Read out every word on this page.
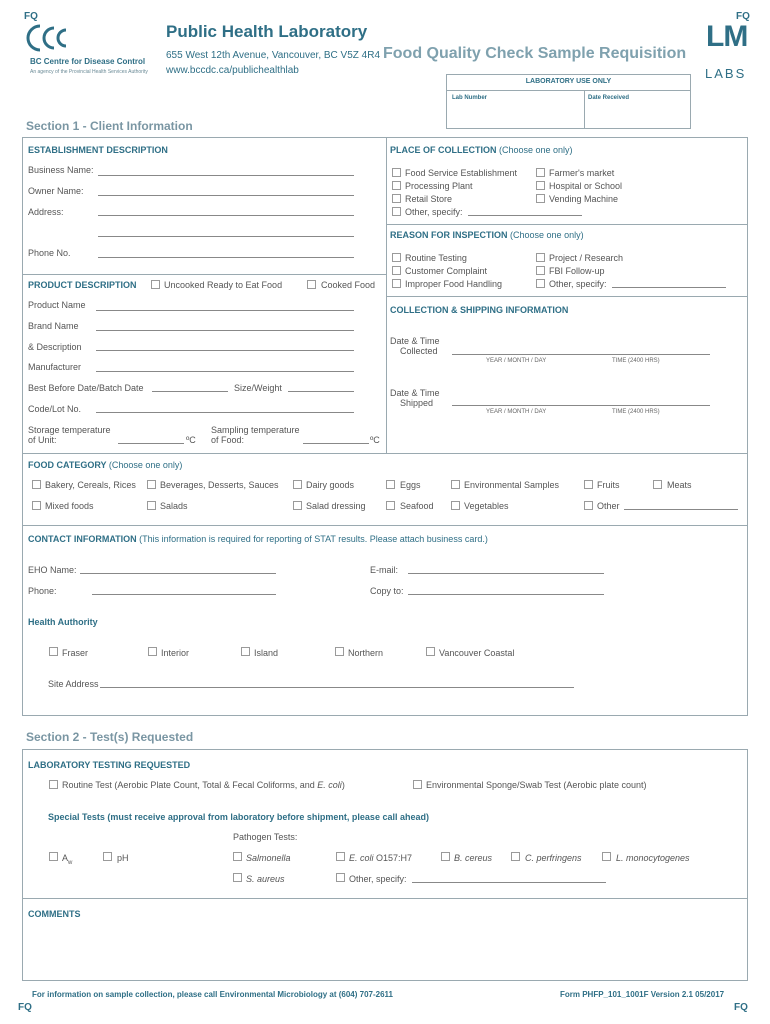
FQ	FQ
FQ	FQ
BC Centre for Disease Control
An agency of the Provincial Health Services Authority
Public Health Laboratory
655 West 12th Avenue, Vancouver, BC V5Z 4R4
www.bccdc.ca/publichealthlab
Food Quality Check Sample Requisition
LM
LABS
LABORATORY USE ONLY
Lab Number	Date Received
Section 1 - Client Information
ESTABLISHMENT DESCRIPTION
Business Name:
Owner Name:
Address:
Phone No.
PLACE OF COLLECTION (Choose one only)
Food Service Establishment
Processing Plant
Retail Store
Other, specify:
Farmer's market
Hospital or School
Vending Machine
REASON FOR INSPECTION (Choose one only)
Routine Testing
Customer Complaint
Improper Food Handling
Project / Research
FBI Follow-up
Other, specify:
PRODUCT DESCRIPTION	Uncooked Ready to Eat Food	Cooked Food
Product Name
Brand Name
& Description
Manufacturer
Best Before Date/Batch Date	Size/Weight
Code/Lot No.
Storage temperature
of Unit:	ºC
Sampling temperature
of Food:	ºC
COLLECTION & SHIPPING INFORMATION
Date & Time
Collected
YEAR / MONTH / DAY	TIME (2400 HRS)
Date & Time
Shipped
YEAR / MONTH / DAY	TIME (2400 HRS)
FOOD CATEGORY (Choose one only)
Bakery, Cereals, Rices	Beverages, Desserts, Sauces	Dairy goods	Eggs	Environmental Samples	Fruits	Meats
Mixed foods	Salads	Salad dressing	Seafood	Vegetables	Other
CONTACT INFORMATION (This information is required for reporting of STAT results. Please attach business card.)
EHO Name:	E-mail:
Phone:	Copy to:
Health Authority
Fraser	Interior	Island	Northern	Vancouver Coastal
Site Address
Section 2 - Test(s) Requested
LABORATORY TESTING REQUESTED
Routine Test (Aerobic Plate Count, Total & Fecal Coliforms, and E. coli)	Environmental Sponge/Swab Test (Aerobic plate count)
Special Tests (must receive approval from laboratory before shipment, please call ahead)
Pathogen Tests:
$A_w$	pH	Salmonella	E. coli O157:H7	B. cereus	C. perfringens	L. monocytogenes
S. aureus	Other, specify:
COMMENTS
For information on sample collection, please call Environmental Microbiology at (604) 707-2611	Form PHFP_101_1001F Version 2.1 05/2017
